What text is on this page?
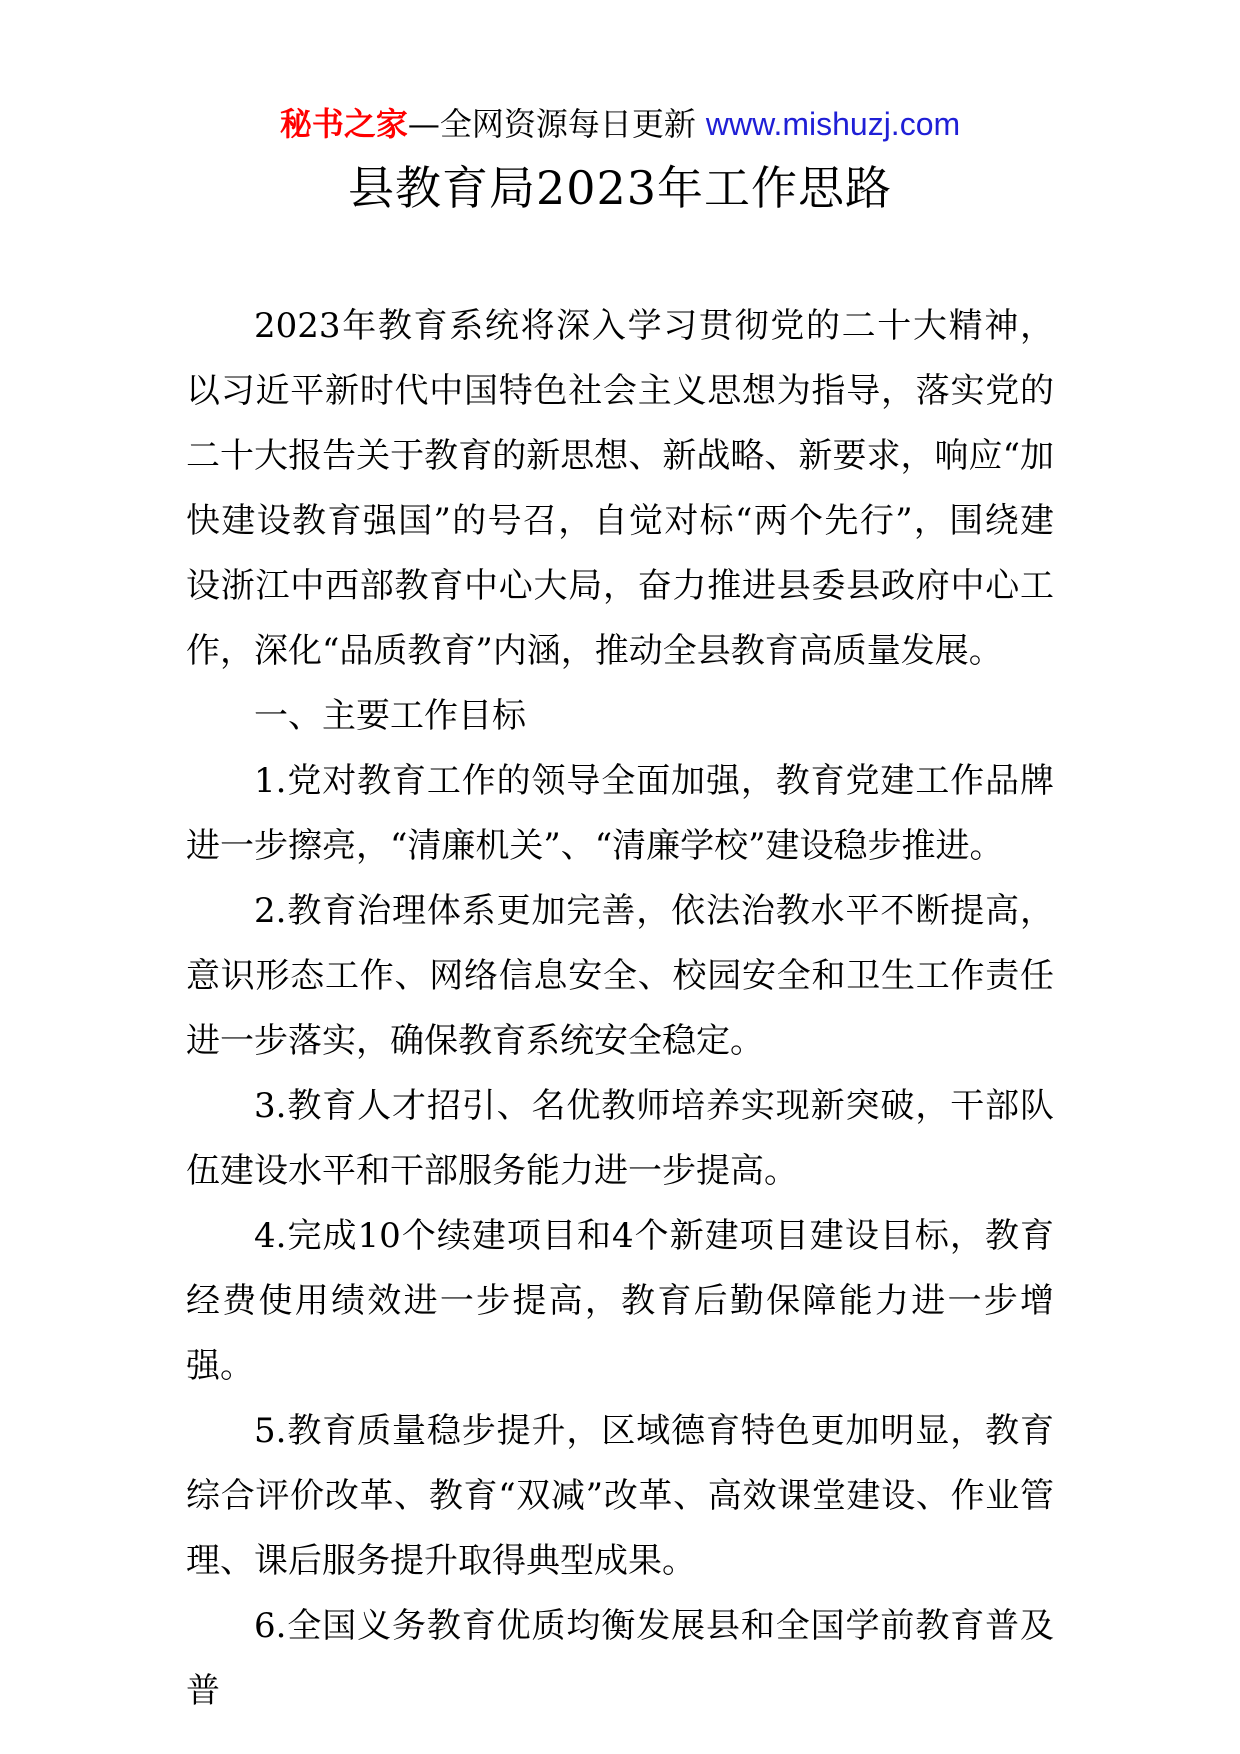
秘书之家—全网资源每日更新 www.mishuzj.com
县教育局2023年工作思路

2023年教育系统将深入学习贯彻党的二十大精神，以习近平新时代中国特色社会主义思想为指导，落实党的二十大报告关于教育的新思想、新战略、新要求，响应“加快建设教育强国”的号召，自觉对标“两个先行”，围绕建设浙江中西部教育中心大局，奋力推进县委县政府中心工作，深化“品质教育”内涵，推动全县教育高质量发展。

一、主要工作目标

1.党对教育工作的领导全面加强，教育党建工作品牌进一步擦亮，“清廉机关”、“清廉学校”建设稳步推进。

2.教育治理体系更加完善，依法治教水平不断提高，意识形态工作、网络信息安全、校园安全和卫生工作责任进一步落实，确保教育系统安全稳定。

3.教育人才招引、名优教师培养实现新突破，干部队伍建设水平和干部服务能力进一步提高。

4.完成10个续建项目和4个新建项目建设目标，教育经费使用绩效进一步提高，教育后勤保障能力进一步增强。

5.教育质量稳步提升，区域德育特色更加明显，教育综合评价改革、教育“双减”改革、高效课堂建设、作业管理、课后服务提升取得典型成果。

6.全国义务教育优质均衡发展县和全国学前教育普及普
